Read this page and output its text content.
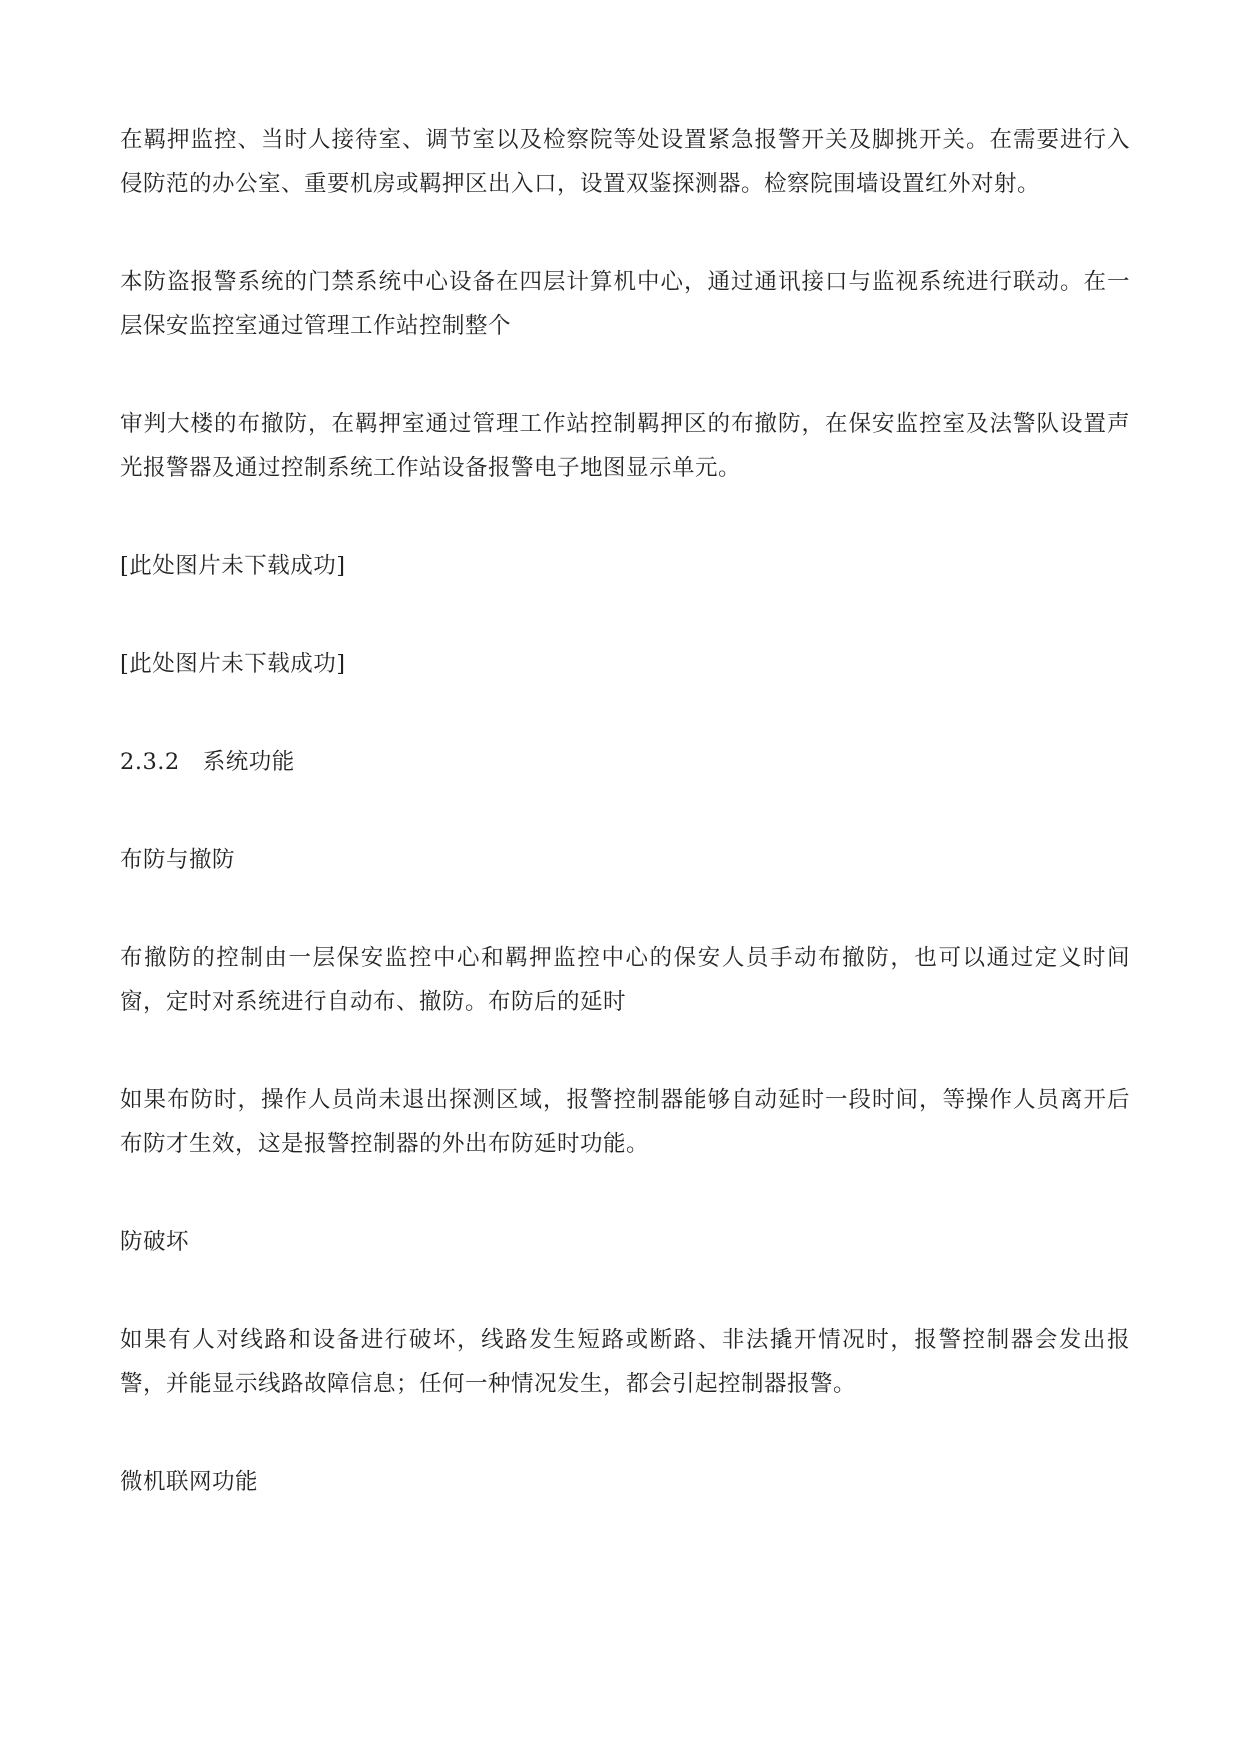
在羁押监控、当时人接待室、调节室以及检察院等处设置紧急报警开关及脚挑开关。在需要进行入侵防范的办公室、重要机房或羁押区出入口，设置双鉴探测器。检察院围墙设置红外对射。

本防盗报警系统的门禁系统中心设备在四层计算机中心，通过通讯接口与监视系统进行联动。在一层保安监控室通过管理工作站控制整个

审判大楼的布撤防，在羁押室通过管理工作站控制羁押区的布撤防，在保安监控室及法警队设置声光报警器及通过控制系统工作站设备报警电子地图显示单元。

[此处图片未下载成功]

[此处图片未下载成功]

2.3.2　系统功能

布防与撤防

布撤防的控制由一层保安监控中心和羁押监控中心的保安人员手动布撤防，也可以通过定义时间窗，定时对系统进行自动布、撤防。布防后的延时

如果布防时，操作人员尚未退出探测区域，报警控制器能够自动延时一段时间，等操作人员离开后布防才生效，这是报警控制器的外出布防延时功能。

防破坏

如果有人对线路和设备进行破坏，线路发生短路或断路、非法撬开情况时，报警控制器会发出报警，并能显示线路故障信息；任何一种情况发生，都会引起控制器报警。

微机联网功能
